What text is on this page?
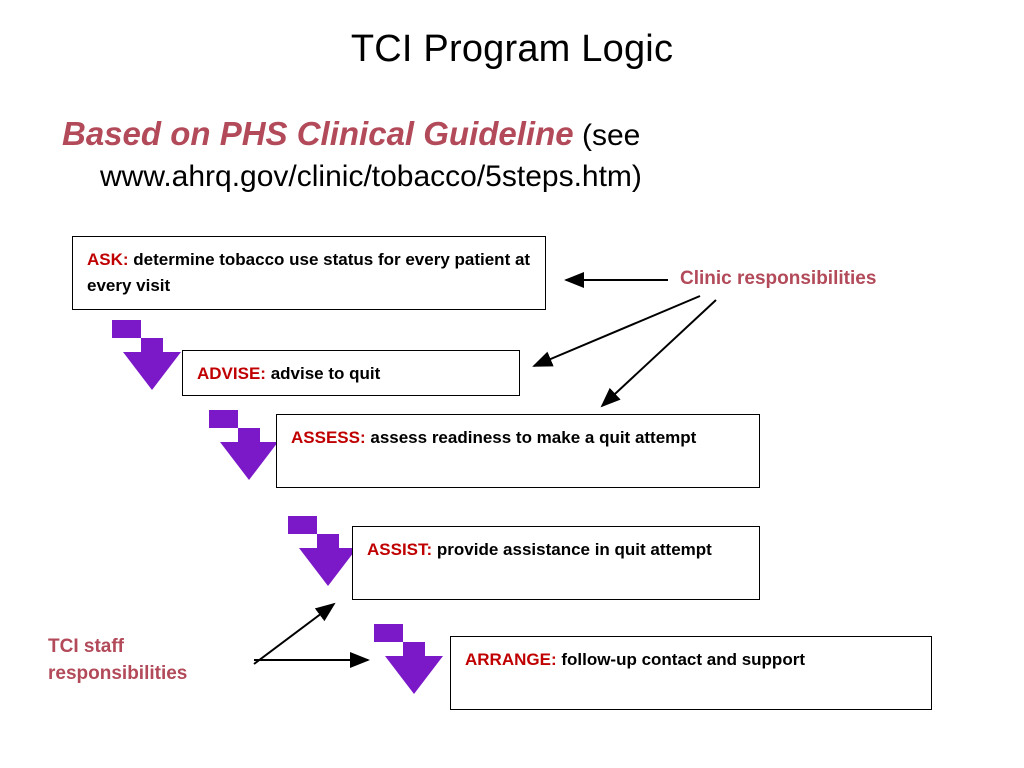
TCI Program Logic
Based on PHS Clinical Guideline (see
www.ahrq.gov/clinic/tobacco/5steps.htm)
ASK: determine tobacco use status for every patient at every visit
ADVISE: advise to quit
ASSESS: assess readiness to make a quit attempt
ASSIST: provide assistance in quit attempt
ARRANGE: follow-up contact and support
Clinic responsibilities
TCI staff
responsibilities
